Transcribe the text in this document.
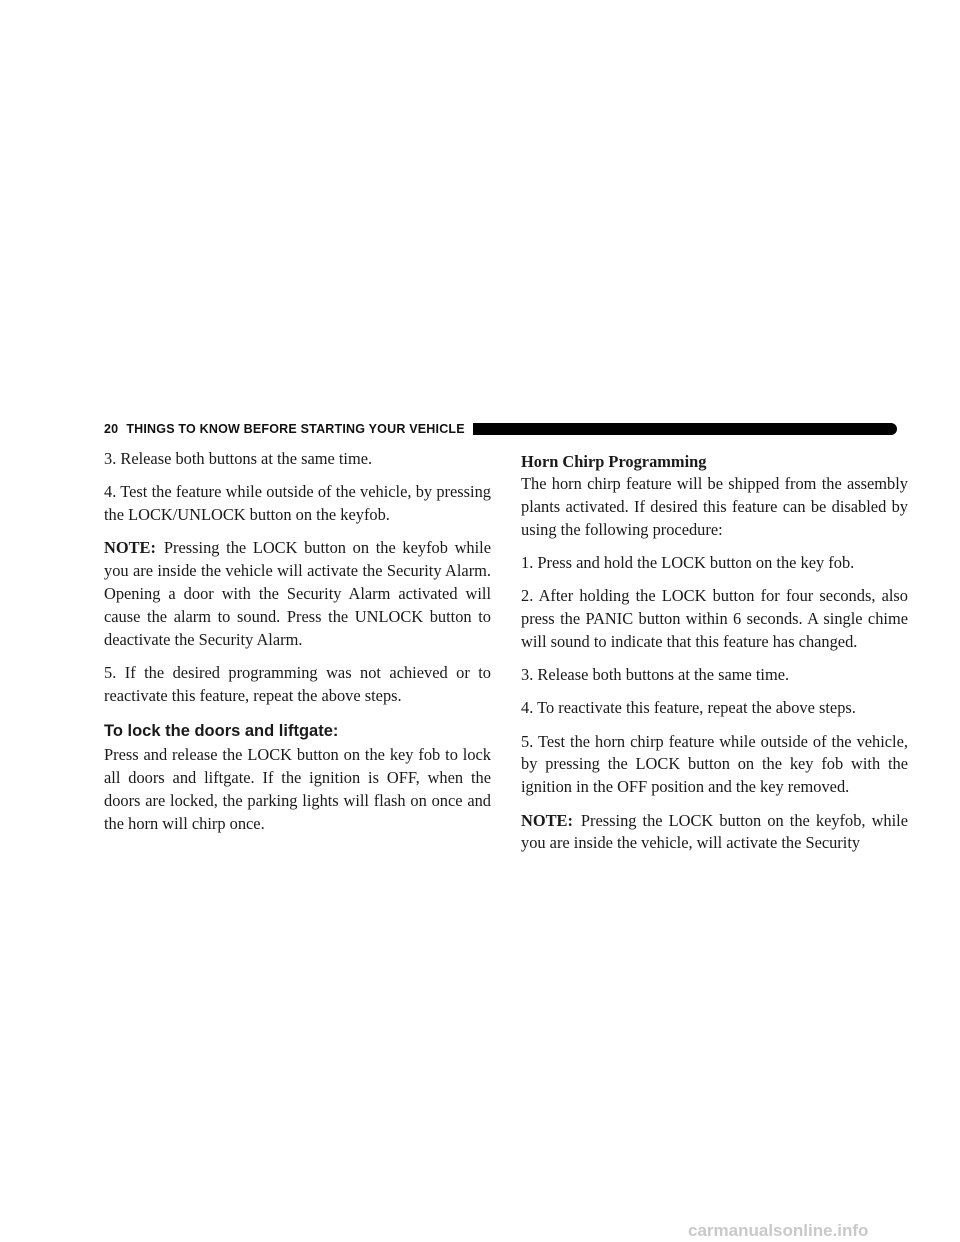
20 THINGS TO KNOW BEFORE STARTING YOUR VEHICLE

3. Release both buttons at the same time.

4. Test the feature while outside of the vehicle, by pressing the LOCK/UNLOCK button on the keyfob.

NOTE: Pressing the LOCK button on the keyfob while you are inside the vehicle will activate the Security Alarm. Opening a door with the Security Alarm activated will cause the alarm to sound. Press the UNLOCK button to deactivate the Security Alarm.

5. If the desired programming was not achieved or to reactivate this feature, repeat the above steps.

To lock the doors and liftgate:

Press and release the LOCK button on the key fob to lock all doors and liftgate. If the ignition is OFF, when the doors are locked, the parking lights will flash on once and the horn will chirp once.

Horn Chirp Programming

The horn chirp feature will be shipped from the assembly plants activated. If desired this feature can be disabled by using the following procedure:

1. Press and hold the LOCK button on the key fob.

2. After holding the LOCK button for four seconds, also press the PANIC button within 6 seconds. A single chime will sound to indicate that this feature has changed.

3. Release both buttons at the same time.

4. To reactivate this feature, repeat the above steps.

5. Test the horn chirp feature while outside of the vehicle, by pressing the LOCK button on the key fob with the ignition in the OFF position and the key removed.

NOTE: Pressing the LOCK button on the keyfob, while you are inside the vehicle, will activate the Security

carmanualsonline.info
